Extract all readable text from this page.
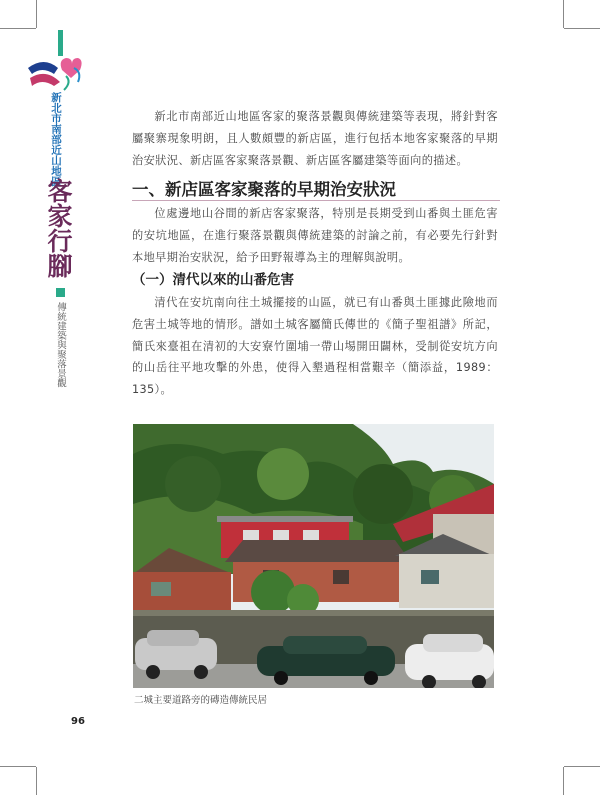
新北市南部近山地區
客家行腳
傳統建築與聚落景觀
新北市南部近山地區客家的聚落景觀與傳統建築等表現，將針對客屬聚寨現象明朗，且人數頗豐的新店區，進行包括本地客家聚落的早期治安狀況、新店區客家聚落景觀、新店區客屬建築等面向的描述。
一、新店區客家聚落的早期治安狀況
位處邊地山谷間的新店客家聚落，特別是長期受到山番與土匪危害的安坑地區，在進行聚落景觀與傳統建築的討論之前，有必要先行針對本地早期治安狀況，給予田野報導為主的理解與說明。
（一）清代以來的山番危害
清代在安坑南向往土城擺接的山區，就已有山番與土匪據此險地而危害土城等地的情形。譜如土城客屬簡氏傳世的《簡子聖祖譜》所記，簡氏來臺祖在清初的大安寮竹圍埔一帶山埸開田闢林，受制從安坑方向的山岳往平地攻擊的外患，使得入墾過程相當艱辛（簡添益，1989：135）。
二城主要道路旁的磚造傳統民居
96
